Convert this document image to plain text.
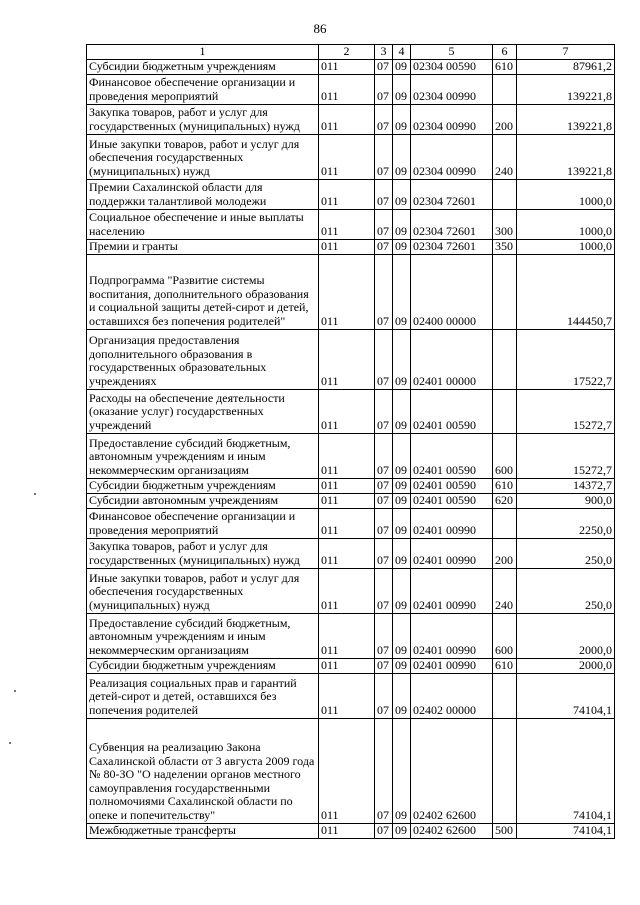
86
1	2	3	4	5	6	7
Субсидии бюджетным учреждениям	011	07	09	02304 00590	610	87961,2
Финансовое обеспечение организации и проведения мероприятий	011	07	09	02304 00990		139221,8
Закупка товаров, работ и услуг для государственных (муниципальных) нужд	011	07	09	02304 00990	200	139221,8
Иные закупки товаров, работ и услуг для обеспечения государственных (муниципальных) нужд	011	07	09	02304 00990	240	139221,8
Премии Сахалинской области для поддержки талантливой молодежи	011	07	09	02304 72601		1000,0
Социальное обеспечение и иные выплаты населению	011	07	09	02304 72601	300	1000,0
Премии и гранты	011	07	09	02304 72601	350	1000,0
Подпрограмма "Развитие системы воспитания, дополнительного образования и социальной защиты детей-сирот и детей, оставшихся без попечения родителей"	011	07	09	02400 00000		144450,7
Организация предоставления дополнительного образования в государственных образовательных учреждениях	011	07	09	02401 00000		17522,7
Расходы на обеспечение деятельности (оказание услуг) государственных учреждений	011	07	09	02401 00590		15272,7
Предоставление субсидий бюджетным, автономным учреждениям и иным некоммерческим организациям	011	07	09	02401 00590	600	15272,7
Субсидии бюджетным учреждениям	011	07	09	02401 00590	610	14372,7
Субсидии автономным учреждениям	011	07	09	02401 00590	620	900,0
Финансовое обеспечение организации и проведения мероприятий	011	07	09	02401 00990		2250,0
Закупка товаров, работ и услуг для государственных (муниципальных) нужд	011	07	09	02401 00990	200	250,0
Иные закупки товаров, работ и услуг для обеспечения государственных (муниципальных) нужд	011	07	09	02401 00990	240	250,0
Предоставление субсидий бюджетным, автономным учреждениям и иным некоммерческим организациям	011	07	09	02401 00990	600	2000,0
Субсидии бюджетным учреждениям	011	07	09	02401 00990	610	2000,0
Реализация социальных прав и гарантий детей-сирот и детей, оставшихся без попечения родителей	011	07	09	02402 00000		74104,1
Субвенция на реализацию Закона Сахалинской области от 3 августа 2009 года № 80-ЗО "О наделении органов местного самоуправления государственными полномочиями Сахалинской области по опеке и попечительству"	011	07	09	02402 62600		74104,1
Межбюджетные трансферты	011	07	09	02402 62600	500	74104,1
